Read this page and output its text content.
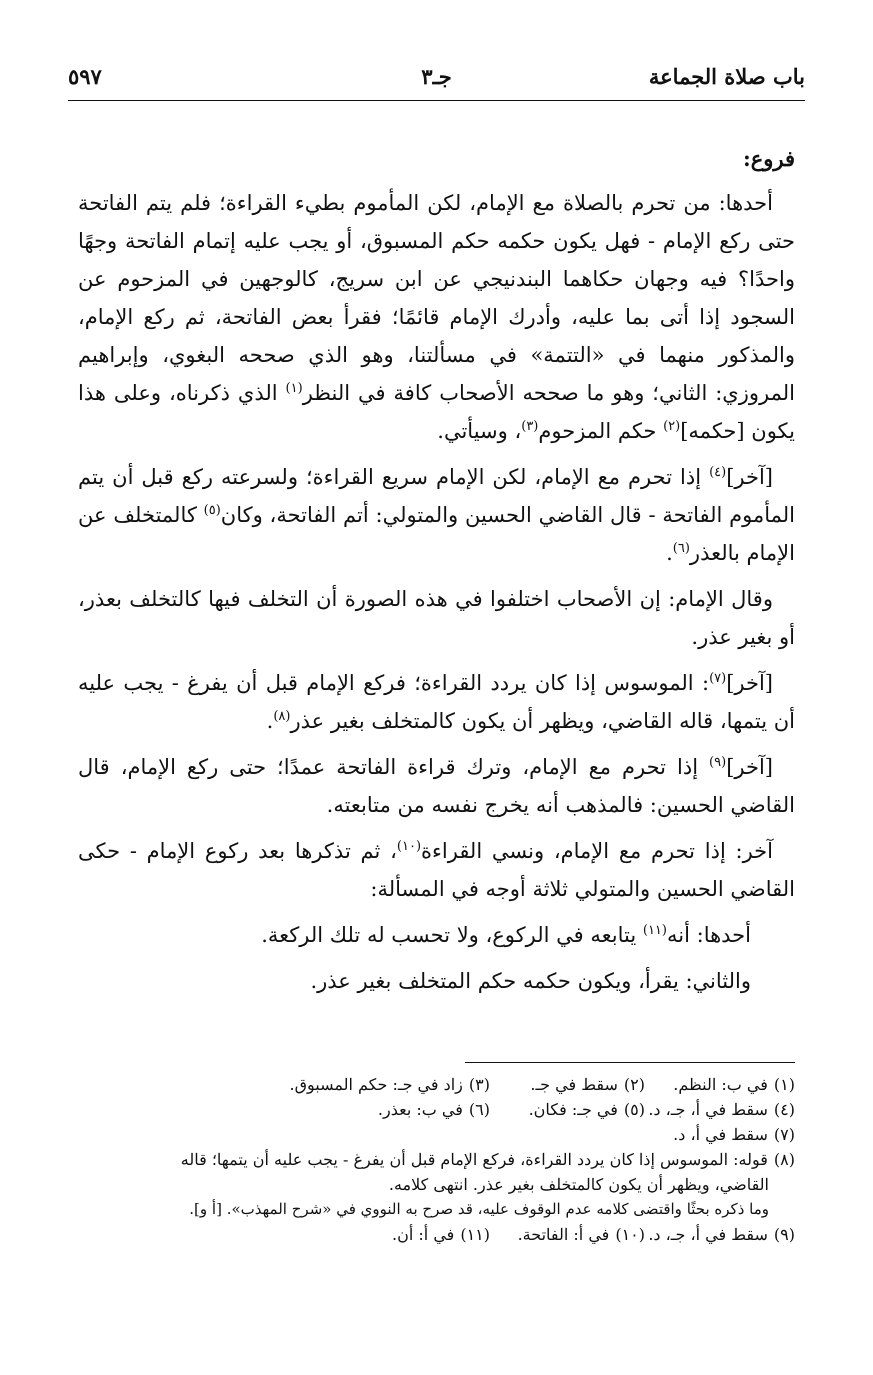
باب صلاة الجماعة
جـ٣
٥٩٧

فروع:

أحدها: من تحرم بالصلاة مع الإمام، لكن المأموم بطيء القراءة؛ فلم يتم الفاتحة حتى ركع الإمام - فهل يكون حكمه حكم المسبوق، أو يجب عليه إتمام الفاتحة وجهًا واحدًا؟ فيه وجهان حكاهما البندنيجي عن ابن سريج، كالوجهين في المزحوم عن السجود إذا أتى بما عليه، وأدرك الإمام قائمًا؛ فقرأ بعض الفاتحة، ثم ركع الإمام، والمذكور منهما في «التتمة» في مسألتنا، وهو الذي صححه البغوي، وإبراهيم المروزي: الثاني؛ وهو ما صححه الأصحاب كافة في النظر$^{(١)}$ الذي ذكرناه، وعلى هذا يكون [حكمه]$^{(٢)}$ حكم المزحوم$^{(٣)}$، وسيأتي.

[آخر]$^{(٤)}$ إذا تحرم مع الإمام، لكن الإمام سريع القراءة؛ ولسرعته ركع قبل أن يتم المأموم الفاتحة - قال القاضي الحسين والمتولي: أتم الفاتحة، وكان$^{(٥)}$ كالمتخلف عن الإمام بالعذر$^{(٦)}$.

وقال الإمام: إن الأصحاب اختلفوا في هذه الصورة أن التخلف فيها كالتخلف بعذر، أو بغير عذر.

[آخر]$^{(٧)}$: الموسوس إذا كان يردد القراءة؛ فركع الإمام قبل أن يفرغ - يجب عليه أن يتمها، قاله القاضي، ويظهر أن يكون كالمتخلف بغير عذر$^{(٨)}$.

[آخر]$^{(٩)}$ إذا تحرم مع الإمام، وترك قراءة الفاتحة عمدًا؛ حتى ركع الإمام، قال القاضي الحسين: فالمذهب أنه يخرج نفسه من متابعته.

آخر: إذا تحرم مع الإمام، ونسي القراءة$^{(١٠)}$، ثم تذكرها بعد ركوع الإمام - حكى القاضي الحسين والمتولي ثلاثة أوجه في المسألة:

أحدها: أنه$^{(١١)}$ يتابعه في الركوع، ولا تحسب له تلك الركعة.

والثاني: يقرأ، ويكون حكمه حكم المتخلف بغير عذر.

(١)في ب: النظم.
(٢)سقط في جـ.
(٣)زاد في جـ: حكم المسبوق.
(٤)سقط في أ، جـ، د.
(٥)في جـ: فكان.
(٦)في ب: بعذر.
(٧)سقط في أ، د.
(٨)قوله: الموسوس إذا كان يردد القراءة، فركع الإمام قبل أن يفرغ - يجب عليه أن يتمها؛ قاله
القاضي، ويظهر أن يكون كالمتخلف بغير عذر. انتهى كلامه.
وما ذكره بحثًا واقتضى كلامه عدم الوقوف عليه، قد صرح به النووي في «شرح المهذب». [أ و].
(٩)سقط في أ، جـ، د.
(١٠)في أ: الفاتحة.
(١١)في أ: أن.
